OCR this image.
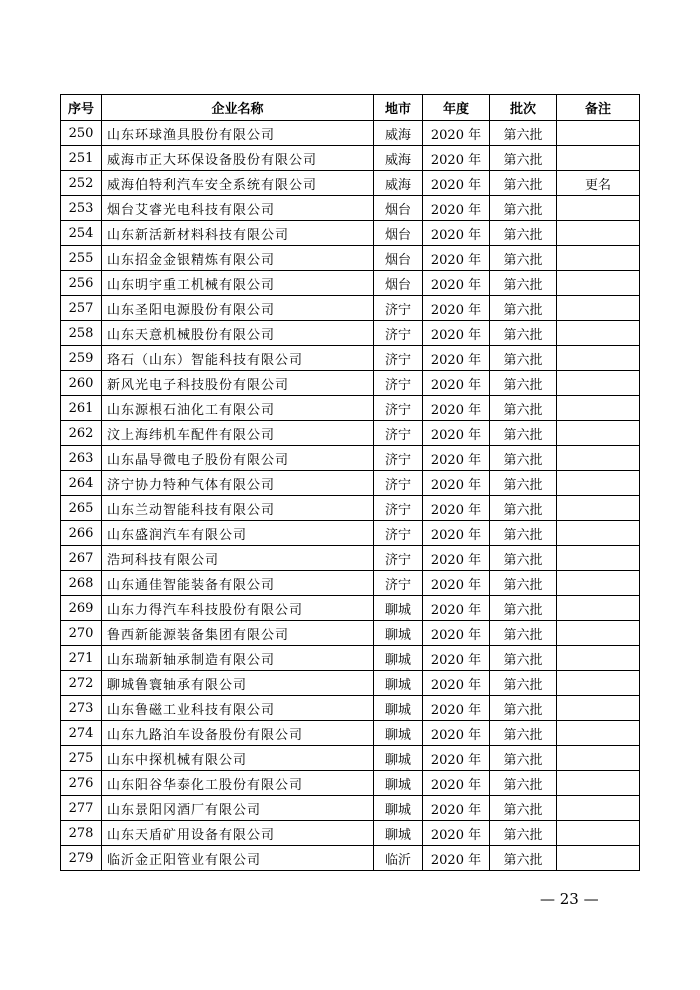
序号	企业名称	地市	年度	批次	备注
250	山东环球渔具股份有限公司	威海	2020 年	第六批	
251	威海市正大环保设备股份有限公司	威海	2020 年	第六批	
252	威海伯特利汽车安全系统有限公司	威海	2020 年	第六批	更名
253	烟台艾睿光电科技有限公司	烟台	2020 年	第六批	
254	山东新活新材料科技有限公司	烟台	2020 年	第六批	
255	山东招金金银精炼有限公司	烟台	2020 年	第六批	
256	山东明宇重工机械有限公司	烟台	2020 年	第六批	
257	山东圣阳电源股份有限公司	济宁	2020 年	第六批	
258	山东天意机械股份有限公司	济宁	2020 年	第六批	
259	珞石（山东）智能科技有限公司	济宁	2020 年	第六批	
260	新风光电子科技股份有限公司	济宁	2020 年	第六批	
261	山东源根石油化工有限公司	济宁	2020 年	第六批	
262	汶上海纬机车配件有限公司	济宁	2020 年	第六批	
263	山东晶导微电子股份有限公司	济宁	2020 年	第六批	
264	济宁协力特种气体有限公司	济宁	2020 年	第六批	
265	山东兰动智能科技有限公司	济宁	2020 年	第六批	
266	山东盛润汽车有限公司	济宁	2020 年	第六批	
267	浩珂科技有限公司	济宁	2020 年	第六批	
268	山东通佳智能装备有限公司	济宁	2020 年	第六批	
269	山东力得汽车科技股份有限公司	聊城	2020 年	第六批	
270	鲁西新能源装备集团有限公司	聊城	2020 年	第六批	
271	山东瑞新轴承制造有限公司	聊城	2020 年	第六批	
272	聊城鲁寰轴承有限公司	聊城	2020 年	第六批	
273	山东鲁磁工业科技有限公司	聊城	2020 年	第六批	
274	山东九路泊车设备股份有限公司	聊城	2020 年	第六批	
275	山东中探机械有限公司	聊城	2020 年	第六批	
276	山东阳谷华泰化工股份有限公司	聊城	2020 年	第六批	
277	山东景阳冈酒厂有限公司	聊城	2020 年	第六批	
278	山东天盾矿用设备有限公司	聊城	2020 年	第六批	
279	临沂金正阳管业有限公司	临沂	2020 年	第六批	
— 23 —
